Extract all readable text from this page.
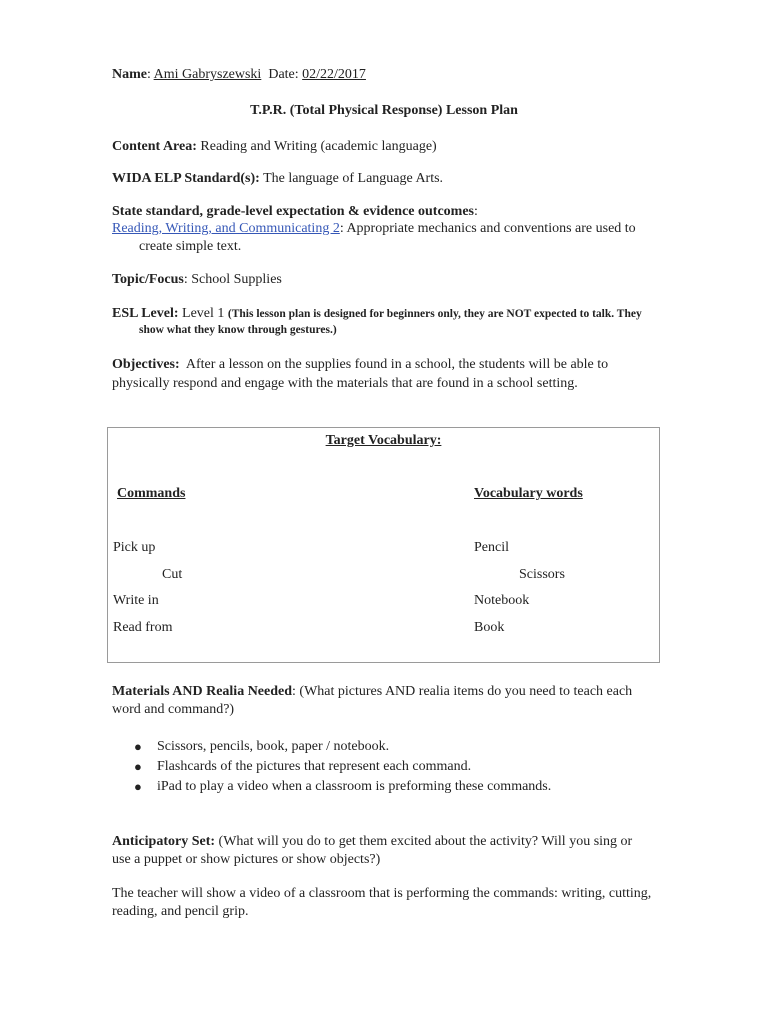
Name: Ami Gabryszewski Date: 02/22/2017
T.P.R. (Total Physical Response) Lesson Plan
Content Area: Reading and Writing (academic language)
WIDA ELP Standard(s): The language of Language Arts.
State standard, grade-level expectation & evidence outcomes:
Reading, Writing, and Communicating 2: Appropriate mechanics and conventions are used to create simple text.
Topic/Focus: School Supplies
ESL Level: Level 1 (This lesson plan is designed for beginners only, they are NOT expected to talk. They show what they know through gestures.)
Objectives: After a lesson on the supplies found in a school, the students will be able to physically respond and engage with the materials that are found in a school setting.
Target Vocabulary:
Commands	Vocabulary words
Pick up
Cut
Write in
Read from
Pencil
Scissors
Notebook
Book
Materials AND Realia Needed: (What pictures AND realia items do you need to teach each word and command?)
● Scissors, pencils, book, paper / notebook.
● Flashcards of the pictures that represent each command.
● iPad to play a video when a classroom is preforming these commands.
Anticipatory Set: (What will you do to get them excited about the activity? Will you sing or use a puppet or show pictures or show objects?)
The teacher will show a video of a classroom that is performing the commands: writing, cutting, reading, and pencil grip.
